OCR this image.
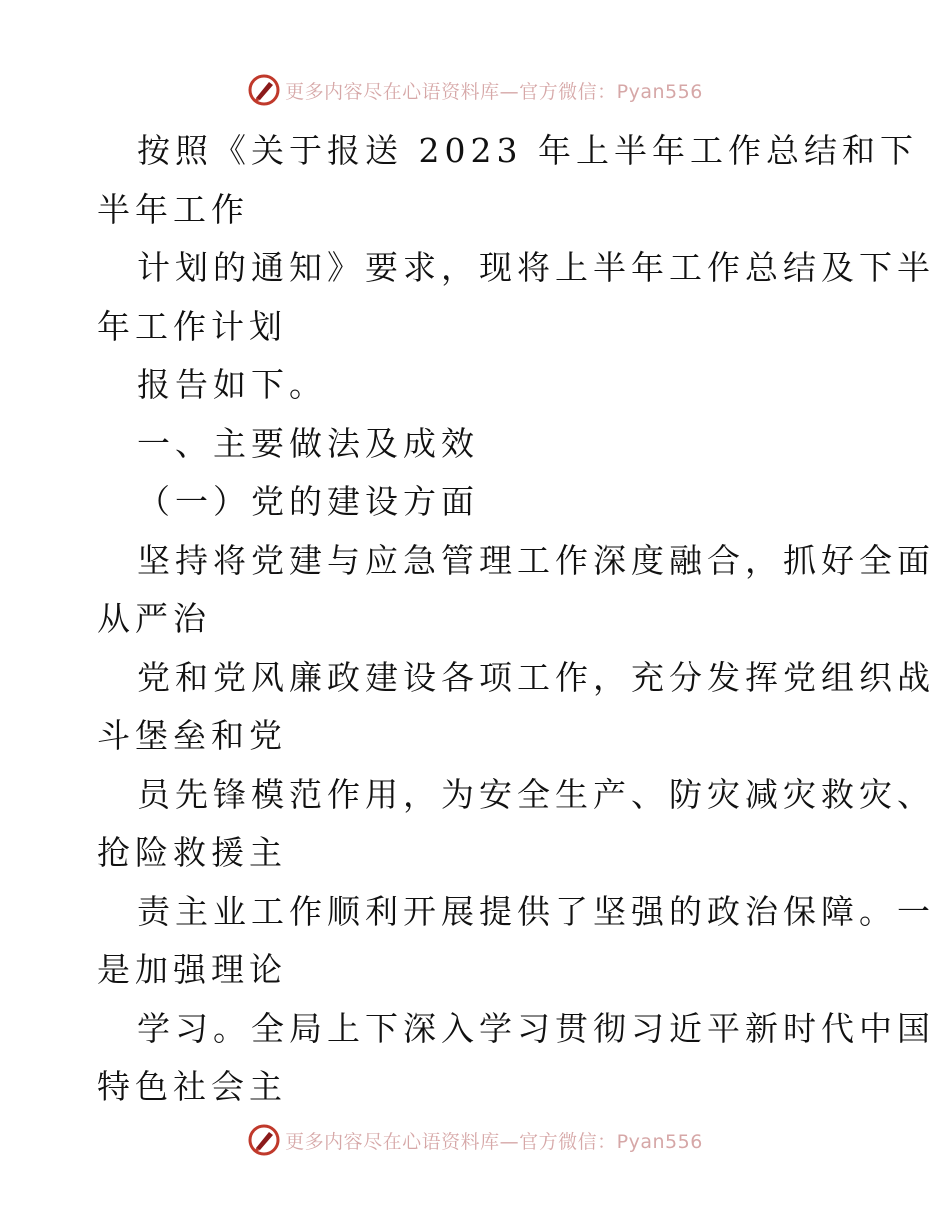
更多内容尽在心语资料库—官方微信：Pyan556
按照《关于报送 2023 年上半年工作总结和下
半年工作
计划的通知》要求，现将上半年工作总结及下半
年工作计划
报告如下。
一、主要做法及成效
（一）党的建设方面
坚持将党建与应急管理工作深度融合，抓好全面
从严治
党和党风廉政建设各项工作，充分发挥党组织战
斗堡垒和党
员先锋模范作用，为安全生产、防灾减灾救灾、
抢险救援主
责主业工作顺利开展提供了坚强的政治保障。一
是加强理论
学习。全局上下深入学习贯彻习近平新时代中国
特色社会主
更多内容尽在心语资料库—官方微信：Pyan556
